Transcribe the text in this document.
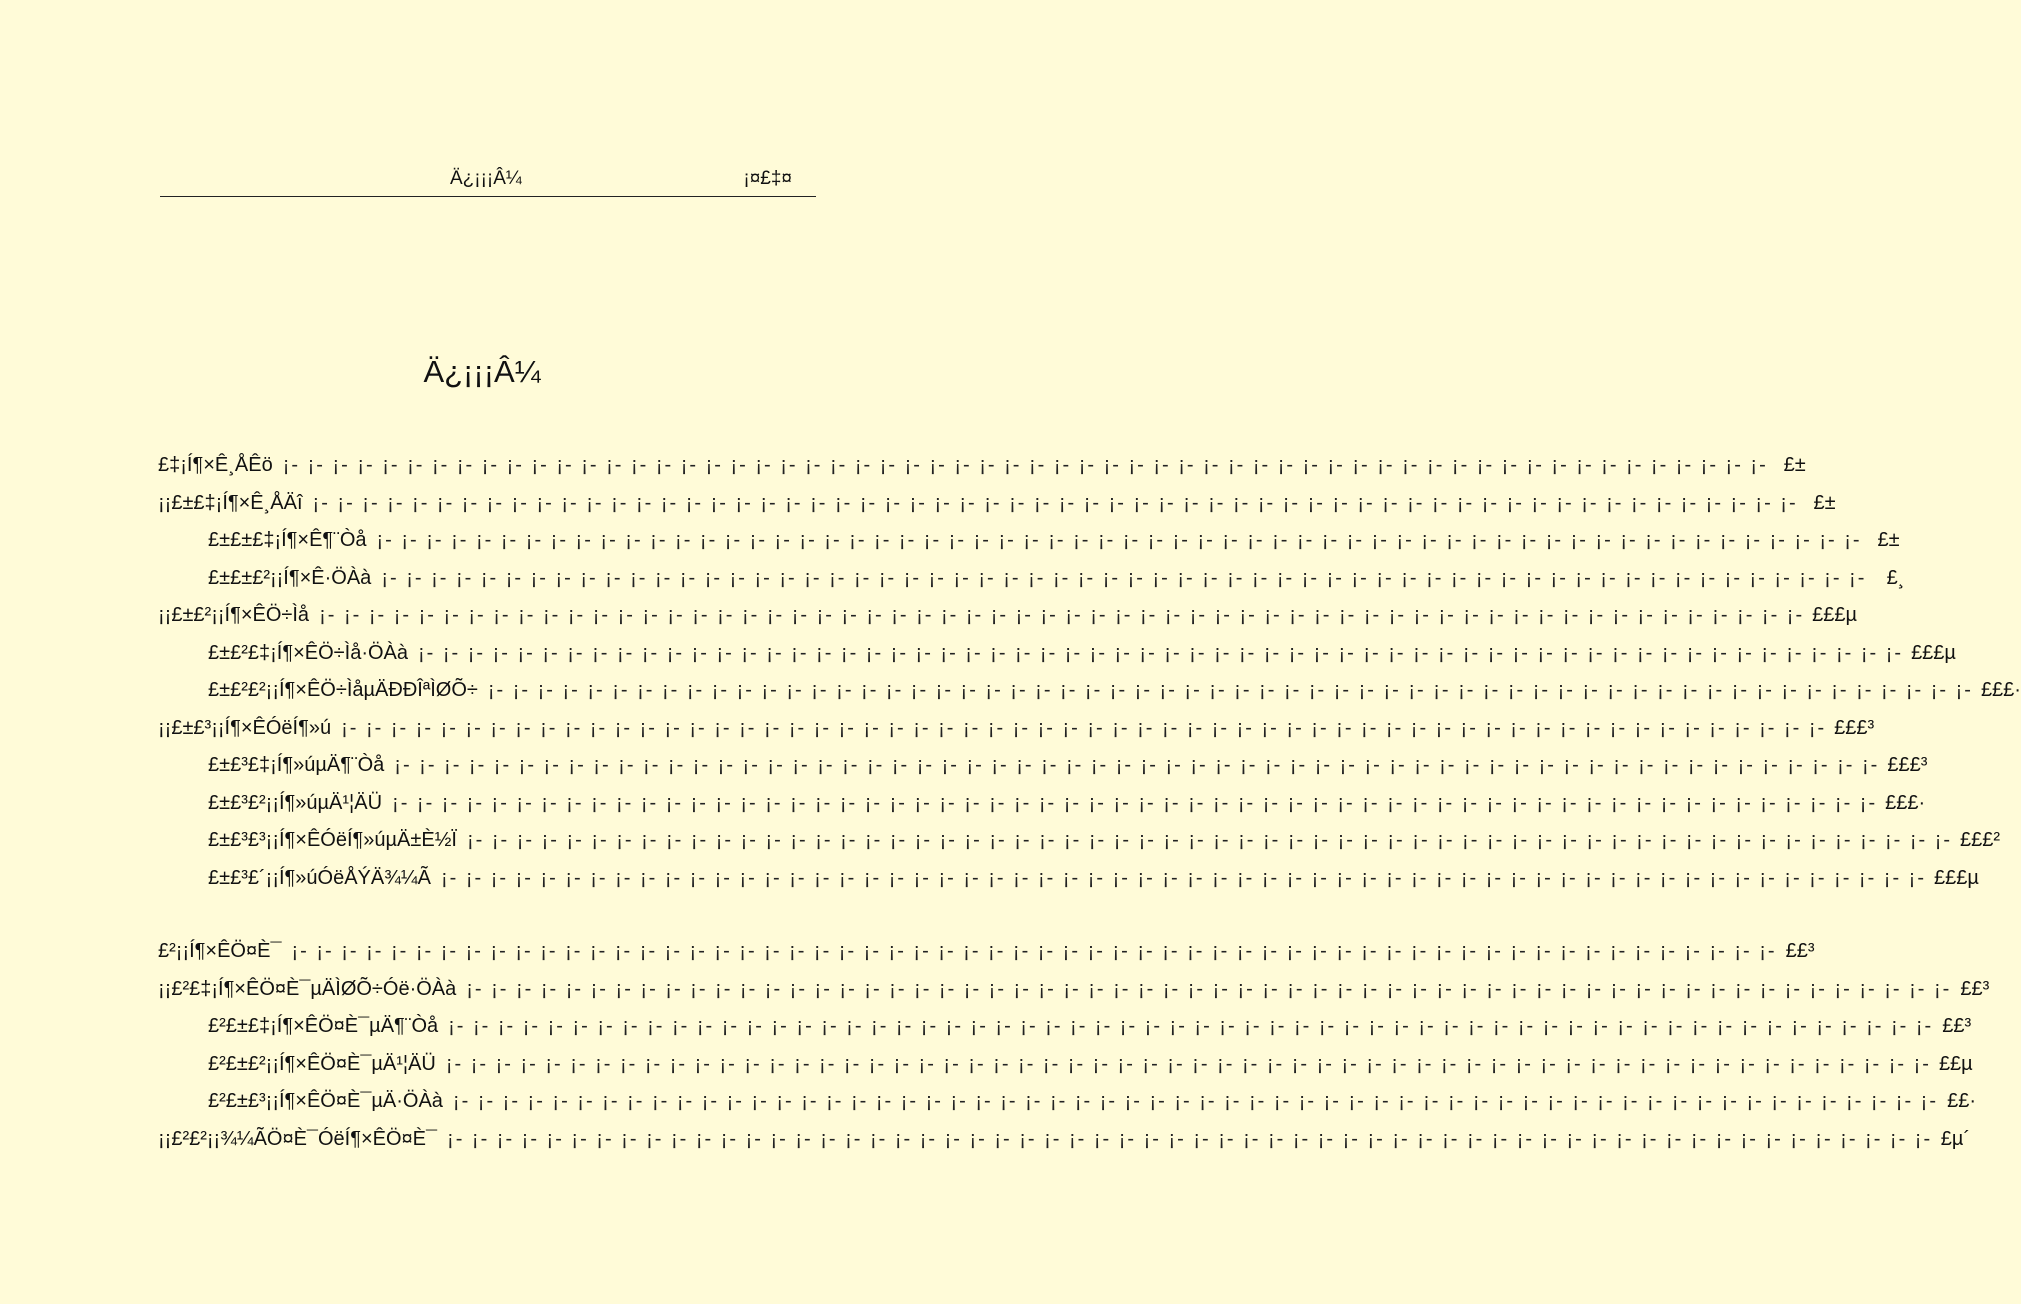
Ä¿¡¡¡Â¼	¡¤£‡¤
Ä¿¡¡¡Â¼
£‡¡Í¶×Ê¸ÅÊö ¡- ¡- ¡- ¡- ¡- ¡- ¡- ¡- ¡- ¡- ¡- ¡- ¡- ¡- ¡- ¡- ¡- ¡- ¡- ¡- ¡- ¡- ¡- ¡- ¡- ¡- ¡- ¡- ¡- ¡- ¡- ¡- ¡- ¡- ¡- ¡- ¡- ¡- ¡- ¡- ¡- ¡- ¡- ¡- ¡- ¡- ¡- ¡- ¡- ¡- ¡- ¡- ¡- ¡- ¡- ¡- ¡- ¡- ¡- ¡- £±
¡¡£±£‡¡Í¶×Ê¸ÅÄî ¡- ¡- ¡- ¡- ¡- ¡- ¡- ¡- ¡- ¡- ¡- ¡- ¡- ¡- ¡- ¡- ¡- ¡- ¡- ¡- ¡- ¡- ¡- ¡- ¡- ¡- ¡- ¡- ¡- ¡- ¡- ¡- ¡- ¡- ¡- ¡- ¡- ¡- ¡- ¡- ¡- ¡- ¡- ¡- ¡- ¡- ¡- ¡- ¡- ¡- ¡- ¡- ¡- ¡- ¡- ¡- ¡- ¡- ¡- ¡- £±
£±£±£‡¡Í¶×Ê¶¨Òå ¡- ¡- ¡- ¡- ¡- ¡- ¡- ¡- ¡- ¡- ¡- ¡- ¡- ¡- ¡- ¡- ¡- ¡- ¡- ¡- ¡- ¡- ¡- ¡- ¡- ¡- ¡- ¡- ¡- ¡- ¡- ¡- ¡- ¡- ¡- ¡- ¡- ¡- ¡- ¡- ¡- ¡- ¡- ¡- ¡- ¡- ¡- ¡- ¡- ¡- ¡- ¡- ¡- ¡- ¡- ¡- ¡- ¡- ¡- ¡- £±
£±£±£²¡¡Í¶×Ê·ÖÀà ¡- ¡- ¡- ¡- ¡- ¡- ¡- ¡- ¡- ¡- ¡- ¡- ¡- ¡- ¡- ¡- ¡- ¡- ¡- ¡- ¡- ¡- ¡- ¡- ¡- ¡- ¡- ¡- ¡- ¡- ¡- ¡- ¡- ¡- ¡- ¡- ¡- ¡- ¡- ¡- ¡- ¡- ¡- ¡- ¡- ¡- ¡- ¡- ¡- ¡- ¡- ¡- ¡- ¡- ¡- ¡- ¡- ¡- ¡- ¡-	£¸
¡¡£±£²¡¡Í¶×ÊÖ÷Ìå ¡- ¡- ¡- ¡- ¡- ¡- ¡- ¡- ¡- ¡- ¡- ¡- ¡- ¡- ¡- ¡- ¡- ¡- ¡- ¡- ¡- ¡- ¡- ¡- ¡- ¡- ¡- ¡- ¡- ¡- ¡- ¡- ¡- ¡- ¡- ¡- ¡- ¡- ¡- ¡- ¡- ¡- ¡- ¡- ¡- ¡- ¡- ¡- ¡- ¡- ¡- ¡- ¡- ¡- ¡- ¡- ¡- ¡- ¡- ¡- £££µ
£±£²£‡¡Í¶×ÊÖ÷Ìå·ÖÀà ¡- ¡- ¡- ¡- ¡- ¡- ¡- ¡- ¡- ¡- ¡- ¡- ¡- ¡- ¡- ¡- ¡- ¡- ¡- ¡- ¡- ¡- ¡- ¡- ¡- ¡- ¡- ¡- ¡- ¡- ¡- ¡- ¡- ¡- ¡- ¡- ¡- ¡- ¡- ¡- ¡- ¡- ¡- ¡- ¡- ¡- ¡- ¡- ¡- ¡- ¡- ¡- ¡- ¡- ¡- ¡- ¡- ¡- ¡- ¡- £££µ
£±£²£²¡¡Í¶×ÊÖ÷ÌåµÄÐÐÎªÌØÕ÷ ¡- ¡- ¡- ¡- ¡- ¡- ¡- ¡- ¡- ¡- ¡- ¡- ¡- ¡- ¡- ¡- ¡- ¡- ¡- ¡- ¡- ¡- ¡- ¡- ¡- ¡- ¡- ¡- ¡- ¡- ¡- ¡- ¡- ¡- ¡- ¡- ¡- ¡- ¡- ¡- ¡- ¡- ¡- ¡- ¡- ¡- ¡- ¡- ¡- ¡- ¡- ¡- ¡- ¡- ¡- ¡- ¡- ¡- ¡- ¡- £££·
¡¡£±£³¡¡Í¶×ÊÓëÍ¶»ú ¡- ¡- ¡- ¡- ¡- ¡- ¡- ¡- ¡- ¡- ¡- ¡- ¡- ¡- ¡- ¡- ¡- ¡- ¡- ¡- ¡- ¡- ¡- ¡- ¡- ¡- ¡- ¡- ¡- ¡- ¡- ¡- ¡- ¡- ¡- ¡- ¡- ¡- ¡- ¡- ¡- ¡- ¡- ¡- ¡- ¡- ¡- ¡- ¡- ¡- ¡- ¡- ¡- ¡- ¡- ¡- ¡- ¡- ¡- ¡- £££³
£±£³£‡¡Í¶»úµÄ¶¨Òå ¡- ¡- ¡- ¡- ¡- ¡- ¡- ¡- ¡- ¡- ¡- ¡- ¡- ¡- ¡- ¡- ¡- ¡- ¡- ¡- ¡- ¡- ¡- ¡- ¡- ¡- ¡- ¡- ¡- ¡- ¡- ¡- ¡- ¡- ¡- ¡- ¡- ¡- ¡- ¡- ¡- ¡- ¡- ¡- ¡- ¡- ¡- ¡- ¡- ¡- ¡- ¡- ¡- ¡- ¡- ¡- ¡- ¡- ¡- ¡- £££³
£±£³£²¡¡Í¶»úµÄ¹¦ÄÜ ¡- ¡- ¡- ¡- ¡- ¡- ¡- ¡- ¡- ¡- ¡- ¡- ¡- ¡- ¡- ¡- ¡- ¡- ¡- ¡- ¡- ¡- ¡- ¡- ¡- ¡- ¡- ¡- ¡- ¡- ¡- ¡- ¡- ¡- ¡- ¡- ¡- ¡- ¡- ¡- ¡- ¡- ¡- ¡- ¡- ¡- ¡- ¡- ¡- ¡- ¡- ¡- ¡- ¡- ¡- ¡- ¡- ¡- ¡- ¡- £££·
£±£³£³¡¡Í¶×ÊÓëÍ¶»úµÄ±È½Ï ¡- ¡- ¡- ¡- ¡- ¡- ¡- ¡- ¡- ¡- ¡- ¡- ¡- ¡- ¡- ¡- ¡- ¡- ¡- ¡- ¡- ¡- ¡- ¡- ¡- ¡- ¡- ¡- ¡- ¡- ¡- ¡- ¡- ¡- ¡- ¡- ¡- ¡- ¡- ¡- ¡- ¡- ¡- ¡- ¡- ¡- ¡- ¡- ¡- ¡- ¡- ¡- ¡- ¡- ¡- ¡- ¡- ¡- ¡- ¡- £££²
£±£³£´¡¡Í¶»úÓëÅÝÄ¾¼Ã ¡- ¡- ¡- ¡- ¡- ¡- ¡- ¡- ¡- ¡- ¡- ¡- ¡- ¡- ¡- ¡- ¡- ¡- ¡- ¡- ¡- ¡- ¡- ¡- ¡- ¡- ¡- ¡- ¡- ¡- ¡- ¡- ¡- ¡- ¡- ¡- ¡- ¡- ¡- ¡- ¡- ¡- ¡- ¡- ¡- ¡- ¡- ¡- ¡- ¡- ¡- ¡- ¡- ¡- ¡- ¡- ¡- ¡- ¡- ¡- £££µ
£²¡¡Í¶×ÊÖ¤È¯ ¡- ¡- ¡- ¡- ¡- ¡- ¡- ¡- ¡- ¡- ¡- ¡- ¡- ¡- ¡- ¡- ¡- ¡- ¡- ¡- ¡- ¡- ¡- ¡- ¡- ¡- ¡- ¡- ¡- ¡- ¡- ¡- ¡- ¡- ¡- ¡- ¡- ¡- ¡- ¡- ¡- ¡- ¡- ¡- ¡- ¡- ¡- ¡- ¡- ¡- ¡- ¡- ¡- ¡- ¡- ¡- ¡- ¡- ¡- ¡- ££³
¡¡£²£‡¡Í¶×ÊÖ¤È¯µÄÌØÕ÷Óë·ÖÀà ¡- ¡- ¡- ¡- ¡- ¡- ¡- ¡- ¡- ¡- ¡- ¡- ¡- ¡- ¡- ¡- ¡- ¡- ¡- ¡- ¡- ¡- ¡- ¡- ¡- ¡- ¡- ¡- ¡- ¡- ¡- ¡- ¡- ¡- ¡- ¡- ¡- ¡- ¡- ¡- ¡- ¡- ¡- ¡- ¡- ¡- ¡- ¡- ¡- ¡- ¡- ¡- ¡- ¡- ¡- ¡- ¡- ¡- ¡- ¡- ££³
£²£±£‡¡Í¶×ÊÖ¤È¯µÄ¶¨Òå ¡- ¡- ¡- ¡- ¡- ¡- ¡- ¡- ¡- ¡- ¡- ¡- ¡- ¡- ¡- ¡- ¡- ¡- ¡- ¡- ¡- ¡- ¡- ¡- ¡- ¡- ¡- ¡- ¡- ¡- ¡- ¡- ¡- ¡- ¡- ¡- ¡- ¡- ¡- ¡- ¡- ¡- ¡- ¡- ¡- ¡- ¡- ¡- ¡- ¡- ¡- ¡- ¡- ¡- ¡- ¡- ¡- ¡- ¡- ¡- ££³
£²£±£²¡¡Í¶×ÊÖ¤È¯µÄ¹¦ÄÜ ¡- ¡- ¡- ¡- ¡- ¡- ¡- ¡- ¡- ¡- ¡- ¡- ¡- ¡- ¡- ¡- ¡- ¡- ¡- ¡- ¡- ¡- ¡- ¡- ¡- ¡- ¡- ¡- ¡- ¡- ¡- ¡- ¡- ¡- ¡- ¡- ¡- ¡- ¡- ¡- ¡- ¡- ¡- ¡- ¡- ¡- ¡- ¡- ¡- ¡- ¡- ¡- ¡- ¡- ¡- ¡- ¡- ¡- ¡- ¡- ££µ
£²£±£³¡¡Í¶×ÊÖ¤È¯µÄ·ÖÀà ¡- ¡- ¡- ¡- ¡- ¡- ¡- ¡- ¡- ¡- ¡- ¡- ¡- ¡- ¡- ¡- ¡- ¡- ¡- ¡- ¡- ¡- ¡- ¡- ¡- ¡- ¡- ¡- ¡- ¡- ¡- ¡- ¡- ¡- ¡- ¡- ¡- ¡- ¡- ¡- ¡- ¡- ¡- ¡- ¡- ¡- ¡- ¡- ¡- ¡- ¡- ¡- ¡- ¡- ¡- ¡- ¡- ¡- ¡- ¡- ££·
¡¡£²£²¡¡¾¼ÃÖ¤È¯ÓëÍ¶×ÊÖ¤È¯ ¡- ¡- ¡- ¡- ¡- ¡- ¡- ¡- ¡- ¡- ¡- ¡- ¡- ¡- ¡- ¡- ¡- ¡- ¡- ¡- ¡- ¡- ¡- ¡- ¡- ¡- ¡- ¡- ¡- ¡- ¡- ¡- ¡- ¡- ¡- ¡- ¡- ¡- ¡- ¡- ¡- ¡- ¡- ¡- ¡- ¡- ¡- ¡- ¡- ¡- ¡- ¡- ¡- ¡- ¡- ¡- ¡- ¡- ¡- ¡- £µ´
